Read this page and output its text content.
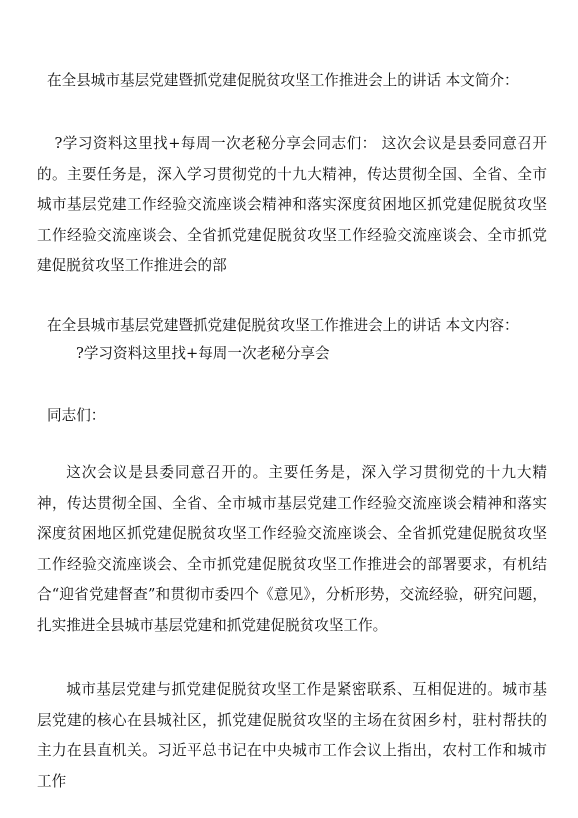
在全县城市基层党建暨抓党建促脱贫攻坚工作推进会上的讲话 本文简介：

?学习资料这里找+每周一次老秘分享会同志们： 这次会议是县委同意召开的。主要任务是，深入学习贯彻党的十九大精神，传达贯彻全国、全省、全市城市基层党建工作经验交流座谈会精神和落实深度贫困地区抓党建促脱贫攻坚工作经验交流座谈会、全省抓党建促脱贫攻坚工作经验交流座谈会、全市抓党建促脱贫攻坚工作推进会的部

在全县城市基层党建暨抓党建促脱贫攻坚工作推进会上的讲话 本文内容：
?学习资料这里找+每周一次老秘分享会
同志们：

这次会议是县委同意召开的。主要任务是，深入学习贯彻党的十九大精神，传达贯彻全国、全省、全市城市基层党建工作经验交流座谈会精神和落实深度贫困地区抓党建促脱贫攻坚工作经验交流座谈会、全省抓党建促脱贫攻坚工作经验交流座谈会、全市抓党建促脱贫攻坚工作推进会的部署要求，有机结合“迎省党建督查”和贯彻市委四个《意见》，分析形势，交流经验，研究问题，扎实推进全县城市基层党建和抓党建促脱贫攻坚工作。

城市基层党建与抓党建促脱贫攻坚工作是紧密联系、互相促进的。城市基层党建的核心在县城社区，抓党建促脱贫攻坚的主场在贫困乡村，驻村帮扶的主力在县直机关。习近平总书记在中央城市工作会议上指出，农村工作和城市工作
